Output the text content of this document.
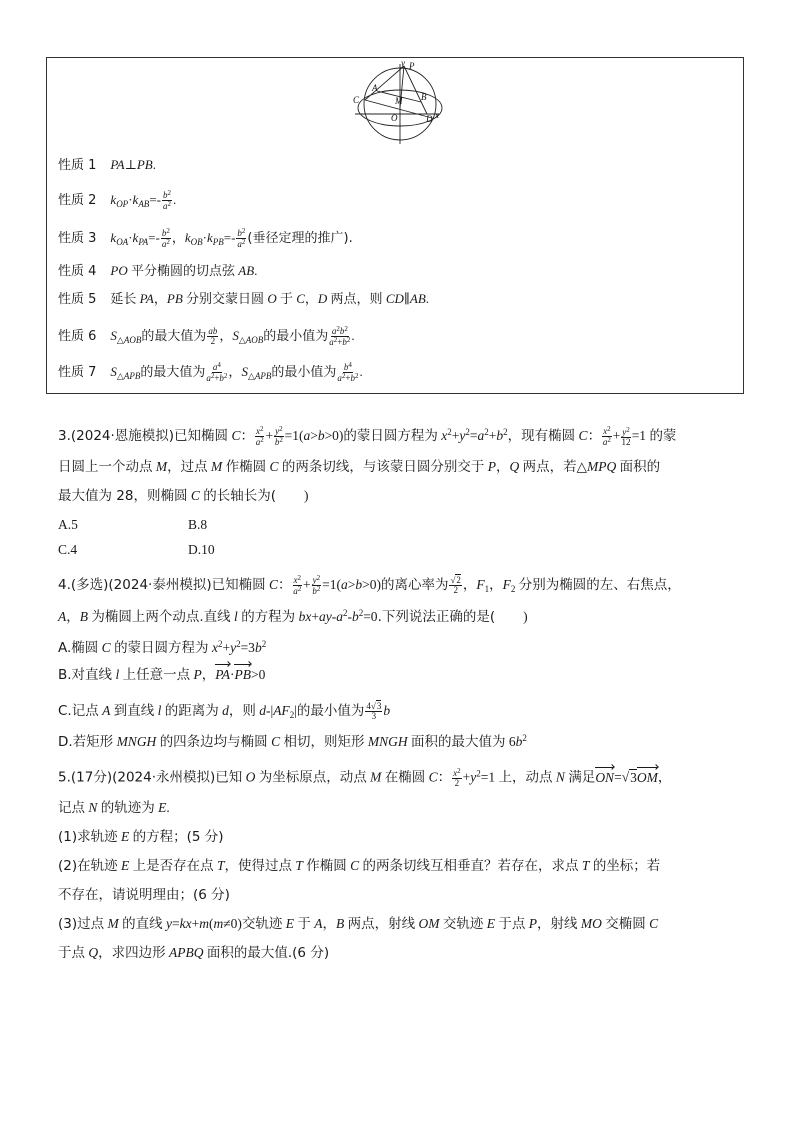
y P
A
C	M B
O	D x
性质 1 PA⊥PB.
性质 2 $k_{OP}\cdot k_{AB}=- \frac{b^2}{a^2}$ .
性质 3 $k_{OA}\cdot k_{PA}=- \frac{b^2}{a^2}$ ，$k_{OB}\cdot k_{PB}=- \frac{b^2}{a^2}$ (垂径定理的推广).
性质 4 PO 平分椭圆的切点弦 AB.
性质 5 延长 PA，PB 分别交蒙日圆 O 于 C，D 两点，则 CD∥AB.
性质 6 $S_{\triangle AOB}$的最大值为 $\frac{ab}{2}$ ，$S_{\triangle AOB}$的最小值为 $\frac{a^2b^2}{a^2+b^2}$ .
性质 7 $S_{\triangle APB}$的最大值为 $\frac{a^4}{a^2+b^2}$ ，$S_{\triangle APB}$的最小值为 $\frac{b^4}{a^2+b^2}$ .
3.(2024·恩施模拟)已知椭圆 C： $\frac{x^2}{a^2} + \frac{y^2}{b^2} =1(a>b>0)$的蒙日圆方程为 $x^2+y^2=a^2+b^2$，现有椭圆 C： $\frac{x^2}{a^2} + \frac{y^2}{12} =1$ 的蒙
日圆上一个动点 M，过点 M 作椭圆 C 的两条切线，与该蒙日圆分别交于 P，Q 两点，若△MPQ 面积的
最大值为 28，则椭圆 C 的长轴长为( )
A.5	B.8
C.4	D.10
4.(多选)(2024·泰州模拟)已知椭圆 C： $\frac{x^2}{a^2} + \frac{y^2}{b^2} =1(a>b>0)$的离心率为 $\frac{√2}{2}$ ，$F_1$，$F_2$ 分别为椭圆的左、右焦点，
A，B 为椭圆上两个动点.直线 l 的方程为 $bx+ay-a^2-b^2=0$.下列说法正确的是( )
A.椭圆 C 的蒙日圆方程为 $x^2+y^2=3b^2$
B.对直线 l 上任意一点 P，PA·PB>0
C.记点 A 到直线 l 的距离为 d，则 $d-|AF_2|$的最小值为 $\frac{4√3}{3}$ b
D.若矩形 MNGH 的四条边均与椭圆 C 相切，则矩形 MNGH 面积的最大值为 $6b^2$
5.(17分)(2024·永州模拟)已知 O 为坐标原点，动点 M 在椭圆 C： $\frac{x^2}{2} +y^2=1$ 上，动点 N 满足ON=√3OM，
记点 N 的轨迹为 E.
(1)求轨迹 E 的方程；(5 分)
(2)在轨迹 E 上是否存在点 T，使得过点 T 作椭圆 C 的两条切线互相垂直？若存在，求点 T 的坐标；若
不存在，请说明理由；(6 分)
(3)过点 M 的直线 y=kx+m(m≠0)交轨迹 E 于 A，B 两点，射线 OM 交轨迹 E 于点 P，射线 MO 交椭圆 C
于点 Q，求四边形 APBQ 面积的最大值.(6 分)
